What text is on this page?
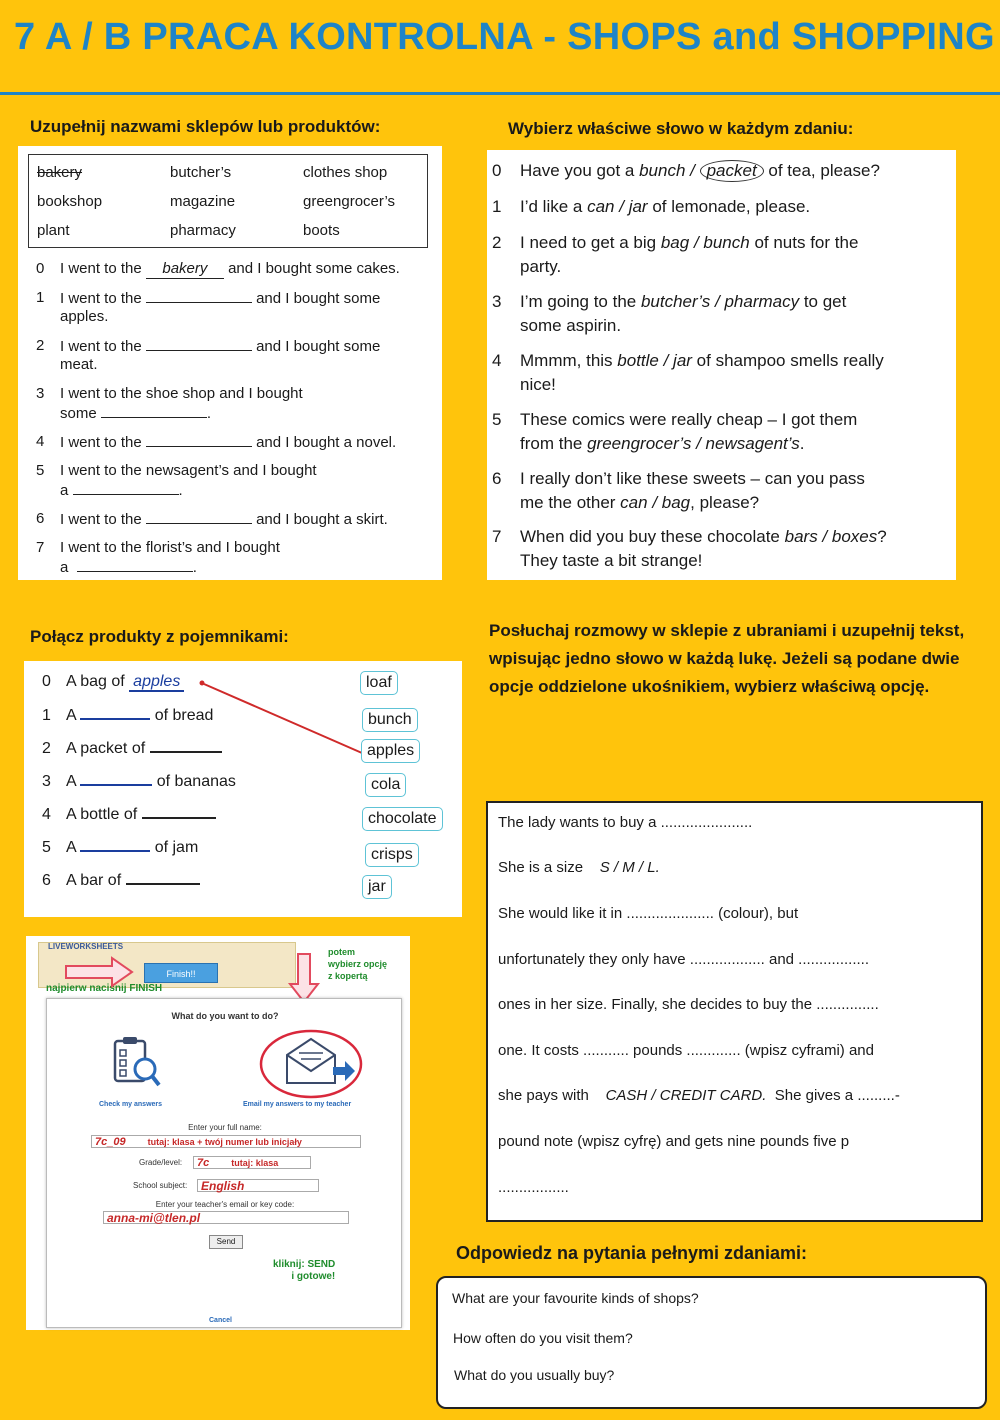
7 A / B PRACA KONTROLNA - SHOPS and SHOPPING
Uzupełnij nazwami sklepów lub produktów:
bakery	butcher’s	clothes shop
bookshop	magazine	greengrocer’s
plant	pharmacy	boots
0	I went to the bakery and I bought some cakes.
1	I went to the	and I bought some
apples.
2	I went to the	and I bought some
meat.
3	I went to the shoe shop and I bought
some	.
4	I went to the	and I bought a novel.
5	I went to the newsagent’s and I bought
a	.
6	I went to the	and I bought a skirt.
7	I went to the florist’s and I bought
a	.
Wybierz właściwe słowo w każdym zdaniu:
0	Have you got a bunch / packet of tea, please?
1	I’d like a can / jar of lemonade, please.
2	I need to get a big bag / bunch of nuts for the
party.
3	I’m going to the butcher’s / pharmacy to get
some aspirin.
4	Mmmm, this bottle / jar of shampoo smells really
nice!
5	These comics were really cheap – I got them
from the greengrocer’s / newsagent’s.
6	I really don’t like these sweets – can you pass
me the other can / bag, please?
7	When did you buy these chocolate bars / boxes?
They taste a bit strange!
Połącz produkty z pojemnikami:
0 A bag of apples
1 A	of bread
2 A packet of
3 A	of bananas
4 A bottle of
5 A	of jam
6 A bar of
loaf
bunch
apples
cola
chocolate
crisps
jar
Posłuchaj rozmowy w sklepie z ubraniami i uzupełnij tekst, wpisując jedno słowo w każdą lukę. Jeżeli są podane dwie opcje oddzielone ukośnikiem, wybierz właściwą opcję.
The lady wants to buy a ......................
She is a size S / M / L.
She would like it in ..................... (colour), but
unfortunately they only have .................. and .................
ones in her size. Finally, she decides to buy the ...............
one. It costs ........... pounds ............. (wpisz cyframi) and
she pays with CASH / CREDIT CARD. She gives a .........-
pound note (wpisz cyfrę) and gets nine pounds five p
.................
Odpowiedz na pytania pełnymi zdaniami:
What are your favourite kinds of shops?
How often do you visit them?
What do you usually buy?
LIVEWORKSHEETS
Finish!!
najpierw naciśnij FINISH
potem
wybierz opcję
z kopertą
What do you want to do?
Check my answers	Email my answers to my teacher
Enter your full name:
7c_09 tutaj: klasa + twój numer lub inicjały
Grade/level:	7c tutaj: klasa
School subject:	English
Enter your teacher's email or key code:
anna-mi@tlen.pl
Send
kliknij: SEND
i gotowe!
Cancel
